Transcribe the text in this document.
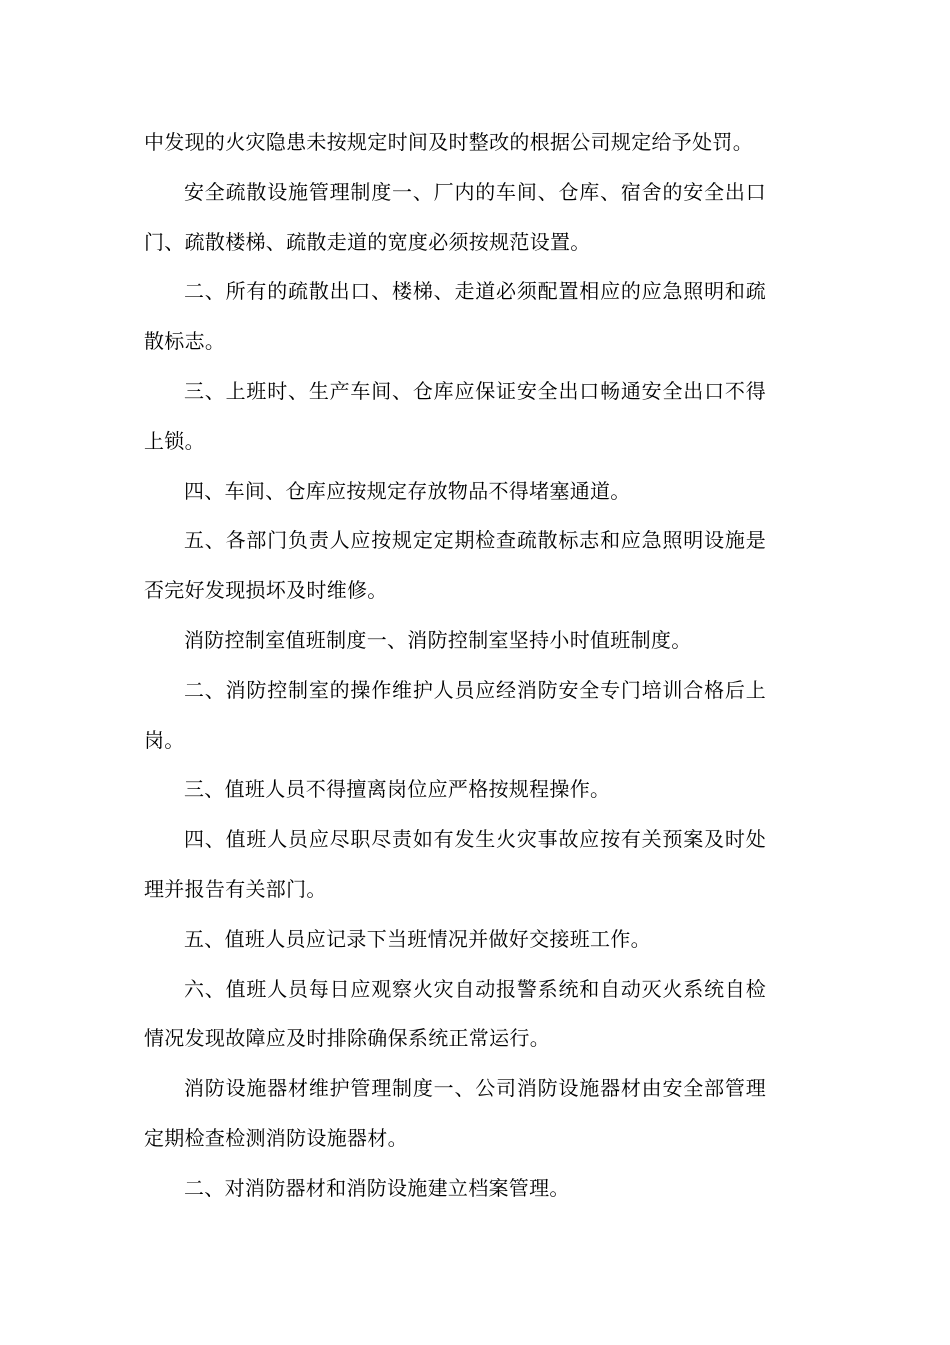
中发现的火灾隐患未按规定时间及时整改的根据公司规定给予处罚。

安全疏散设施管理制度一、厂内的车间、仓库、宿舍的安全出口门、疏散楼梯、疏散走道的宽度必须按规范设置。

二、所有的疏散出口、楼梯、走道必须配置相应的应急照明和疏散标志。

三、上班时、生产车间、仓库应保证安全出口畅通安全出口不得上锁。

四、车间、仓库应按规定存放物品不得堵塞通道。

五、各部门负责人应按规定定期检查疏散标志和应急照明设施是否完好发现损坏及时维修。

消防控制室值班制度一、消防控制室坚持小时值班制度。

二、消防控制室的操作维护人员应经消防安全专门培训合格后上岗。

三、值班人员不得擅离岗位应严格按规程操作。

四、值班人员应尽职尽责如有发生火灾事故应按有关预案及时处理并报告有关部门。

五、值班人员应记录下当班情况并做好交接班工作。

六、值班人员每日应观察火灾自动报警系统和自动灭火系统自检情况发现故障应及时排除确保系统正常运行。

消防设施器材维护管理制度一、公司消防设施器材由安全部管理定期检查检测消防设施器材。

二、对消防器材和消防设施建立档案管理。
